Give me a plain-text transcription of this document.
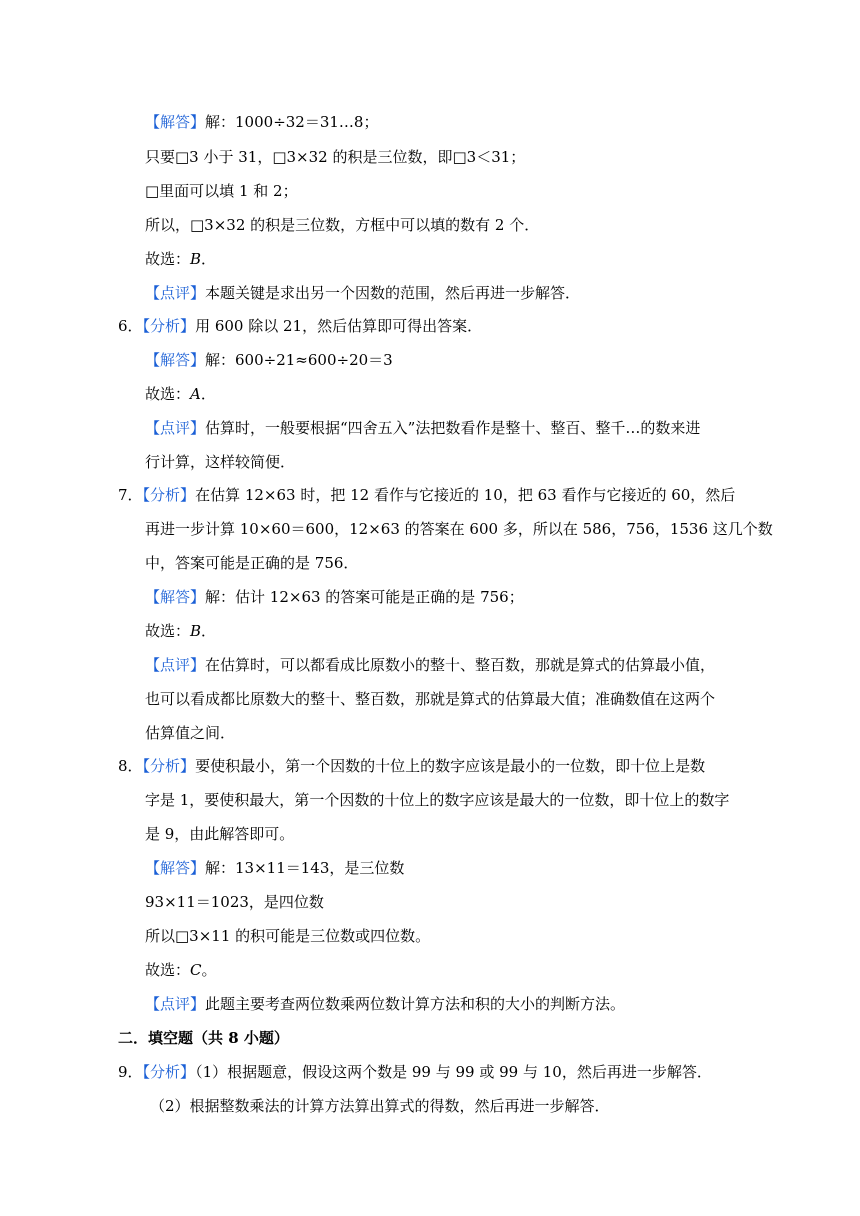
【解答】解：1000÷32＝31…8；
只要□3 小于 31，□3×32 的积是三位数，即□3＜31；
□里面可以填 1 和 2；
所以，□3×32 的积是三位数，方框中可以填的数有 2 个．
故选：B．
【点评】本题关键是求出另一个因数的范围，然后再进一步解答．
6．【分析】用 600 除以 21，然后估算即可得出答案．
【解答】解：600÷21≈600÷20＝3
故选：A．
【点评】估算时，一般要根据“四舍五入”法把数看作是整十、整百、整千…的数来进
行计算，这样较简便．
7．【分析】在估算 12×63 时，把 12 看作与它接近的 10，把 63 看作与它接近的 60，然后
再进一步计算 10×60＝600，12×63 的答案在 600 多，所以在 586，756，1536 这几个数
中，答案可能是正确的是 756．
【解答】解：估计 12×63 的答案可能是正确的是 756；
故选：B．
【点评】在估算时，可以都看成比原数小的整十、整百数，那就是算式的估算最小值，
也可以看成都比原数大的整十、整百数，那就是算式的估算最大值；准确数值在这两个
估算值之间．
8．【分析】要使积最小，第一个因数的十位上的数字应该是最小的一位数，即十位上是数
字是 1，要使积最大，第一个因数的十位上的数字应该是最大的一位数，即十位上的数字
是 9，由此解答即可。
【解答】解：13×11＝143，是三位数
93×11＝1023，是四位数
所以□3×11 的积可能是三位数或四位数。
故选：C。
【点评】此题主要考查两位数乘两位数计算方法和积的大小的判断方法。
二．填空题（共 8 小题）
9．【分析】（1）根据题意，假设这两个数是 99 与 99 或 99 与 10，然后再进一步解答．
（2）根据整数乘法的计算方法算出算式的得数，然后再进一步解答．
